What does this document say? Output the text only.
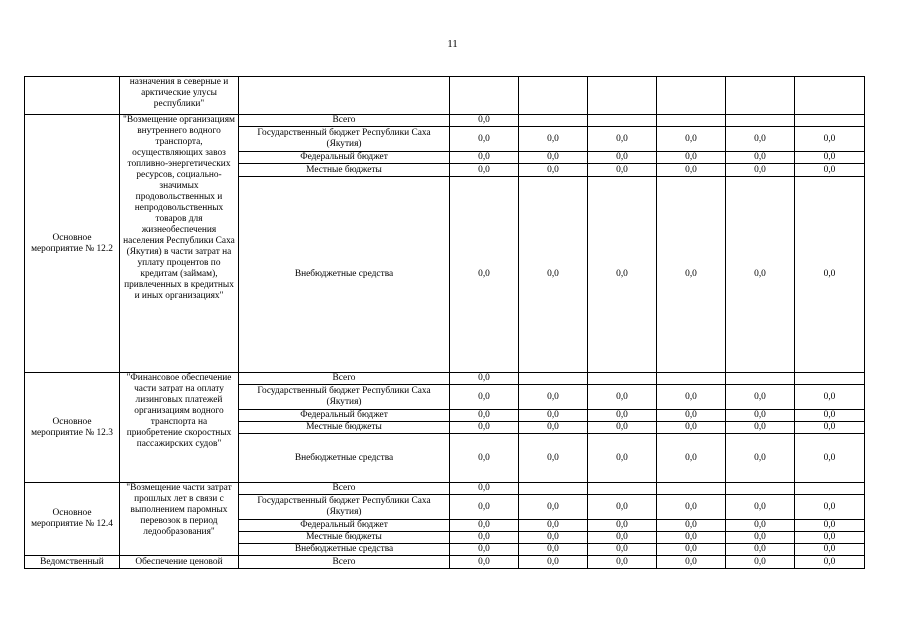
11
	назначения в северные и арктические улусы республики"							
Основное мероприятие № 12.2	"Возмещение организациям внутреннего водного транспорта, осуществляющих завоз топливно-энергетических ресурсов, социально-значимых продовольственных и непродовольственных товаров для жизнеобеспечения населения Республики Саха (Якутия) в части затрат на уплату процентов по кредитам (займам), привлеченных в кредитных и иных организациях"	Всего	0,0					
		Государственный бюджет Республики Саха (Якутия)	0,0	0,0	0,0	0,0	0,0	0,0
		Федеральный бюджет	0,0	0,0	0,0	0,0	0,0	0,0
		Местные бюджеты	0,0	0,0	0,0	0,0	0,0	0,0
		Внебюджетные средства	0,0	0,0	0,0	0,0	0,0	0,0
Основное мероприятие № 12.3	"Финансовое обеспечение части затрат на оплату лизинговых платежей организациям водного транспорта на приобретение скоростных пассажирских судов"	Всего	0,0					
		Государственный бюджет Республики Саха (Якутия)	0,0	0,0	0,0	0,0	0,0	0,0
		Федеральный бюджет	0,0	0,0	0,0	0,0	0,0	0,0
		Местные бюджеты	0,0	0,0	0,0	0,0	0,0	0,0
		Внебюджетные средства	0,0	0,0	0,0	0,0	0,0	0,0
Основное мероприятие № 12.4	"Возмещение части затрат прошлых лет в связи с выполнением паромных перевозок в период ледообразования"	Всего	0,0					
		Государственный бюджет Республики Саха (Якутия)	0,0	0,0	0,0	0,0	0,0	0,0
		Федеральный бюджет	0,0	0,0	0,0	0,0	0,0	0,0
		Местные бюджеты	0,0	0,0	0,0	0,0	0,0	0,0
		Внебюджетные средства	0,0	0,0	0,0	0,0	0,0	0,0
Ведомственный	Обеспечение ценовой	Всего	0,0	0,0	0,0	0,0	0,0	0,0
